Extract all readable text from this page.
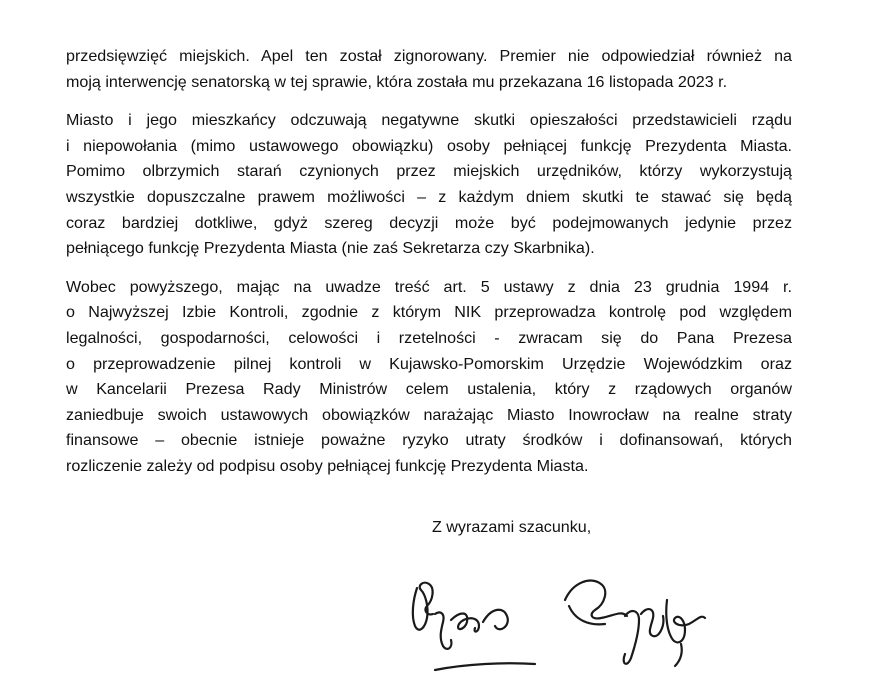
przedsięwzięć miejskich. Apel ten został zignorowany. Premier nie odpowiedział również na
moją interwencję senatorską w tej sprawie, która została mu przekazana 16 listopada 2023 r.

Miasto i jego mieszkańcy odczuwają negatywne skutki opieszałości przedstawicieli rządu
i niepowołania (mimo ustawowego obowiązku) osoby pełniącej funkcję Prezydenta Miasta.
Pomimo olbrzymich starań czynionych przez miejskich urzędników, którzy wykorzystują
wszystkie dopuszczalne prawem możliwości – z każdym dniem skutki te stawać się będą
coraz bardziej dotkliwe, gdyż szereg decyzji może być podejmowanych jedynie przez
pełniącego funkcję Prezydenta Miasta (nie zaś Sekretarza czy Skarbnika).

Wobec powyższego, mając na uwadze treść art. 5 ustawy z dnia 23 grudnia 1994 r.
o Najwyższej Izbie Kontroli, zgodnie z którym NIK przeprowadza kontrolę pod względem
legalności, gospodarności, celowości i rzetelności - zwracam się do Pana Prezesa
o przeprowadzenie pilnej kontroli w Kujawsko-Pomorskim Urzędzie Wojewódzkim oraz
w Kancelarii Prezesa Rady Ministrów celem ustalenia, który z rządowych organów
zaniedbuje swoich ustawowych obowiązków narażając Miasto Inowrocław na realne straty
finansowe – obecnie istnieje poważne ryzyko utraty środków i dofinansowań, których
rozliczenie zależy od podpisu osoby pełniącej funkcję Prezydenta Miasta.

Z wyrazami szacunku,
